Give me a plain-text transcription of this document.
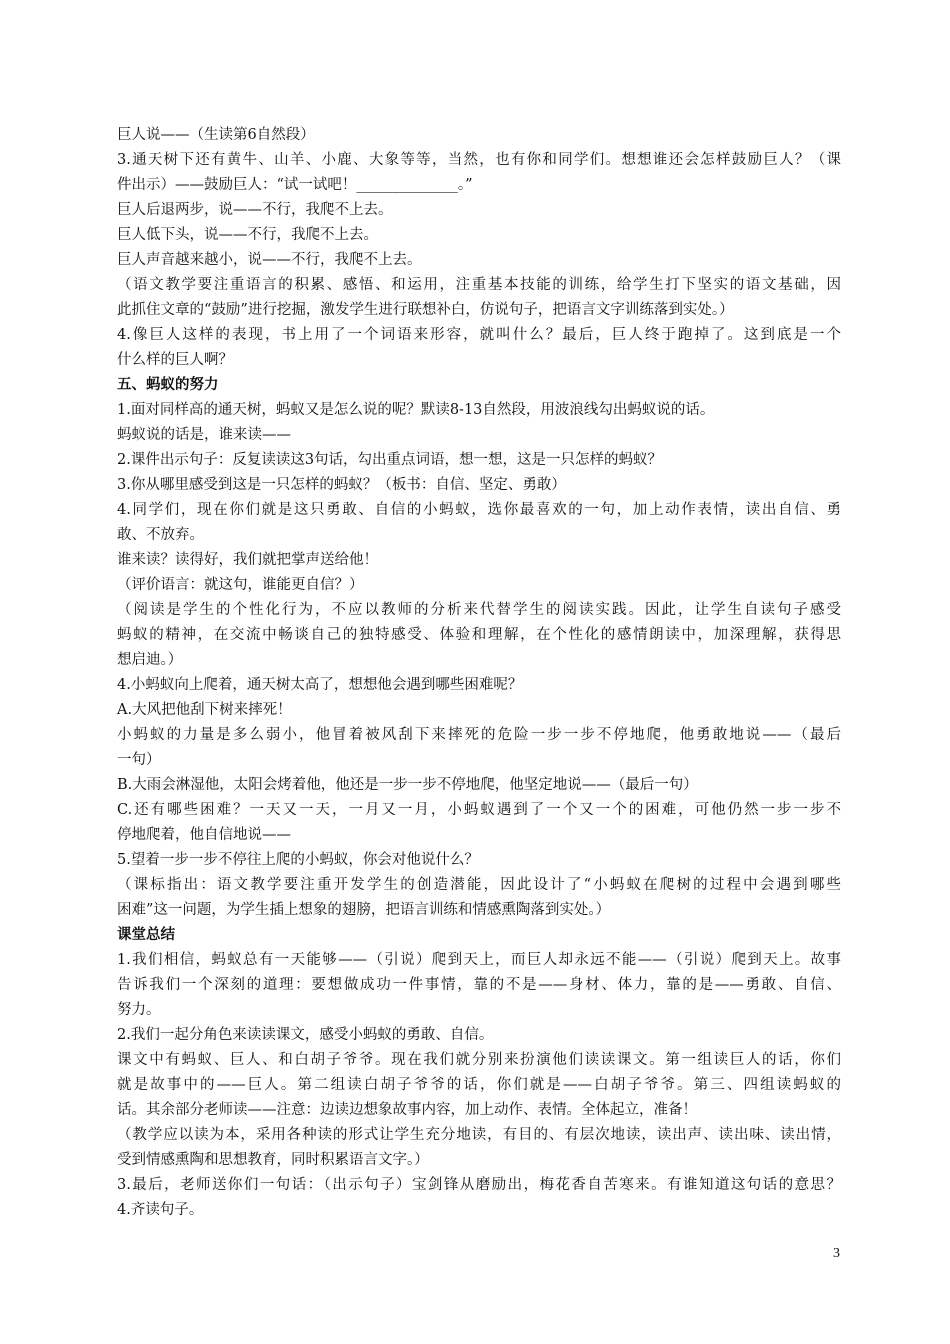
巨人说——（生读第6自然段）
3.通天树下还有黄牛、山羊、小鹿、大象等等，当然，也有你和同学们。想想谁还会怎样鼓励巨人？（课
件出示）——鼓励巨人：“试一试吧！______________。”
巨人后退两步，说——不行，我爬不上去。
巨人低下头，说——不行，我爬不上去。
巨人声音越来越小，说——不行，我爬不上去。
（语文教学要注重语言的积累、感悟、和运用，注重基本技能的训练，给学生打下坚实的语文基础，因
此抓住文章的“鼓励”进行挖掘，激发学生进行联想补白，仿说句子，把语言文字训练落到实处。）
4.像巨人这样的表现，书上用了一个词语来形容，就叫什么？最后，巨人终于跑掉了。这到底是一个
什么样的巨人啊？
五、蚂蚁的努力
1.面对同样高的通天树，蚂蚁又是怎么说的呢？默读8-13自然段，用波浪线勾出蚂蚁说的话。
蚂蚁说的话是，谁来读——
2.课件出示句子：反复读读这3句话，勾出重点词语，想一想，这是一只怎样的蚂蚁？
3.你从哪里感受到这是一只怎样的蚂蚁？（板书：自信、坚定、勇敢）
4.同学们，现在你们就是这只勇敢、自信的小蚂蚁，选你最喜欢的一句，加上动作表情，读出自信、勇
敢、不放弃。
谁来读？读得好，我们就把掌声送给他！
（评价语言：就这句，谁能更自信？）
（阅读是学生的个性化行为，不应以教师的分析来代替学生的阅读实践。因此，让学生自读句子感受
蚂蚁的精神，在交流中畅谈自己的独特感受、体验和理解，在个性化的感情朗读中，加深理解，获得思
想启迪。）
4.小蚂蚁向上爬着，通天树太高了，想想他会遇到哪些困难呢？
A.大风把他刮下树来摔死！
小蚂蚁的力量是多么弱小，他冒着被风刮下来摔死的危险一步一步不停地爬，他勇敢地说——（最后
一句）
B.大雨会淋湿他，太阳会烤着他，他还是一步一步不停地爬，他坚定地说——（最后一句）
C.还有哪些困难？一天又一天，一月又一月，小蚂蚁遇到了一个又一个的困难，可他仍然一步一步不
停地爬着，他自信地说——
5.望着一步一步不停往上爬的小蚂蚁，你会对他说什么？
（课标指出：语文教学要注重开发学生的创造潜能，因此设计了“小蚂蚁在爬树的过程中会遇到哪些
困难”这一问题，为学生插上想象的翅膀，把语言训练和情感熏陶落到实处。）
课堂总结
1.我们相信，蚂蚁总有一天能够——（引说）爬到天上，而巨人却永远不能——（引说）爬到天上。故事
告诉我们一个深刻的道理：要想做成功一件事情，靠的不是——身材、体力，靠的是——勇敢、自信、
努力。
2.我们一起分角色来读读课文，感受小蚂蚁的勇敢、自信。
课文中有蚂蚁、巨人、和白胡子爷爷。现在我们就分别来扮演他们读读课文。第一组读巨人的话，你们
就是故事中的——巨人。第二组读白胡子爷爷的话，你们就是——白胡子爷爷。第三、四组读蚂蚁的
话。其余部分老师读——注意：边读边想象故事内容，加上动作、表情。全体起立，准备！
（教学应以读为本，采用各种读的形式让学生充分地读，有目的、有层次地读，读出声、读出味、读出情，
受到情感熏陶和思想教育，同时积累语言文字。）
3.最后，老师送你们一句话：（出示句子）宝剑锋从磨励出，梅花香自苦寒来。有谁知道这句话的意思？
4.齐读句子。
3
